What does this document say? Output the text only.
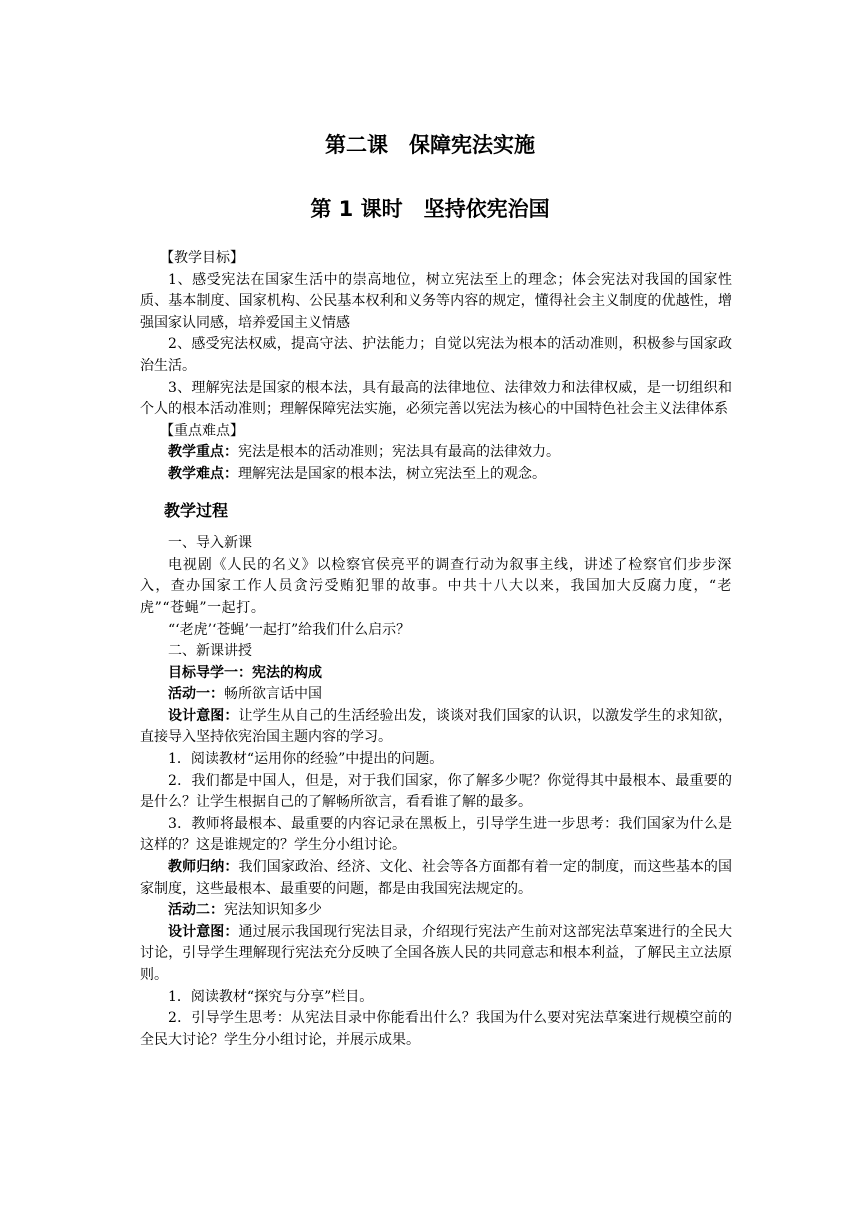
第二课　保障宪法实施
第 1 课时　坚持依宪治国

【教学目标】

1、感受宪法在国家生活中的崇高地位，树立宪法至上的理念；体会宪法对我国的国家性质、基本制度、国家机构、公民基本权利和义务等内容的规定，懂得社会主义制度的优越性，增强国家认同感，培养爱国主义情感

2、感受宪法权威，提高守法、护法能力；自觉以宪法为根本的活动准则，积极参与国家政治生活。

3、理解宪法是国家的根本法，具有最高的法律地位、法律效力和法律权威，是一切组织和个人的根本活动准则；理解保障宪法实施，必须完善以宪法为核心的中国特色社会主义法律体系

【重点难点】

教学重点：宪法是根本的活动准则；宪法具有最高的法律效力。

教学难点：理解宪法是国家的根本法，树立宪法至上的观念。

教学过程

一、导入新课

电视剧《人民的名义》以检察官侯亮平的调查行动为叙事主线，讲述了检察官们步步深入，查办国家工作人员贪污受贿犯罪的故事。中共十八大以来，我国加大反腐力度，“老虎”“苍蝇”一起打。

“‘老虎’‘苍蝇’一起打”给我们什么启示？

二、新课讲授

目标导学一：宪法的构成

活动一：畅所欲言话中国

设计意图：让学生从自己的生活经验出发，谈谈对我们国家的认识，以激发学生的求知欲，直接导入坚持依宪治国主题内容的学习。

1．阅读教材“运用你的经验”中提出的问题。

2．我们都是中国人，但是，对于我们国家，你了解多少呢？你觉得其中最根本、最重要的是什么？让学生根据自己的了解畅所欲言，看看谁了解的最多。

3．教师将最根本、最重要的内容记录在黑板上，引导学生进一步思考：我们国家为什么是这样的？这是谁规定的？学生分小组讨论。

教师归纳：我们国家政治、经济、文化、社会等各方面都有着一定的制度，而这些基本的国家制度，这些最根本、最重要的问题，都是由我国宪法规定的。

活动二：宪法知识知多少

设计意图：通过展示我国现行宪法目录，介绍现行宪法产生前对这部宪法草案进行的全民大讨论，引导学生理解现行宪法充分反映了全国各族人民的共同意志和根本利益，了解民主立法原则。

1．阅读教材“探究与分享”栏目。

2．引导学生思考：从宪法目录中你能看出什么？我国为什么要对宪法草案进行规模空前的全民大讨论？学生分小组讨论，并展示成果。
